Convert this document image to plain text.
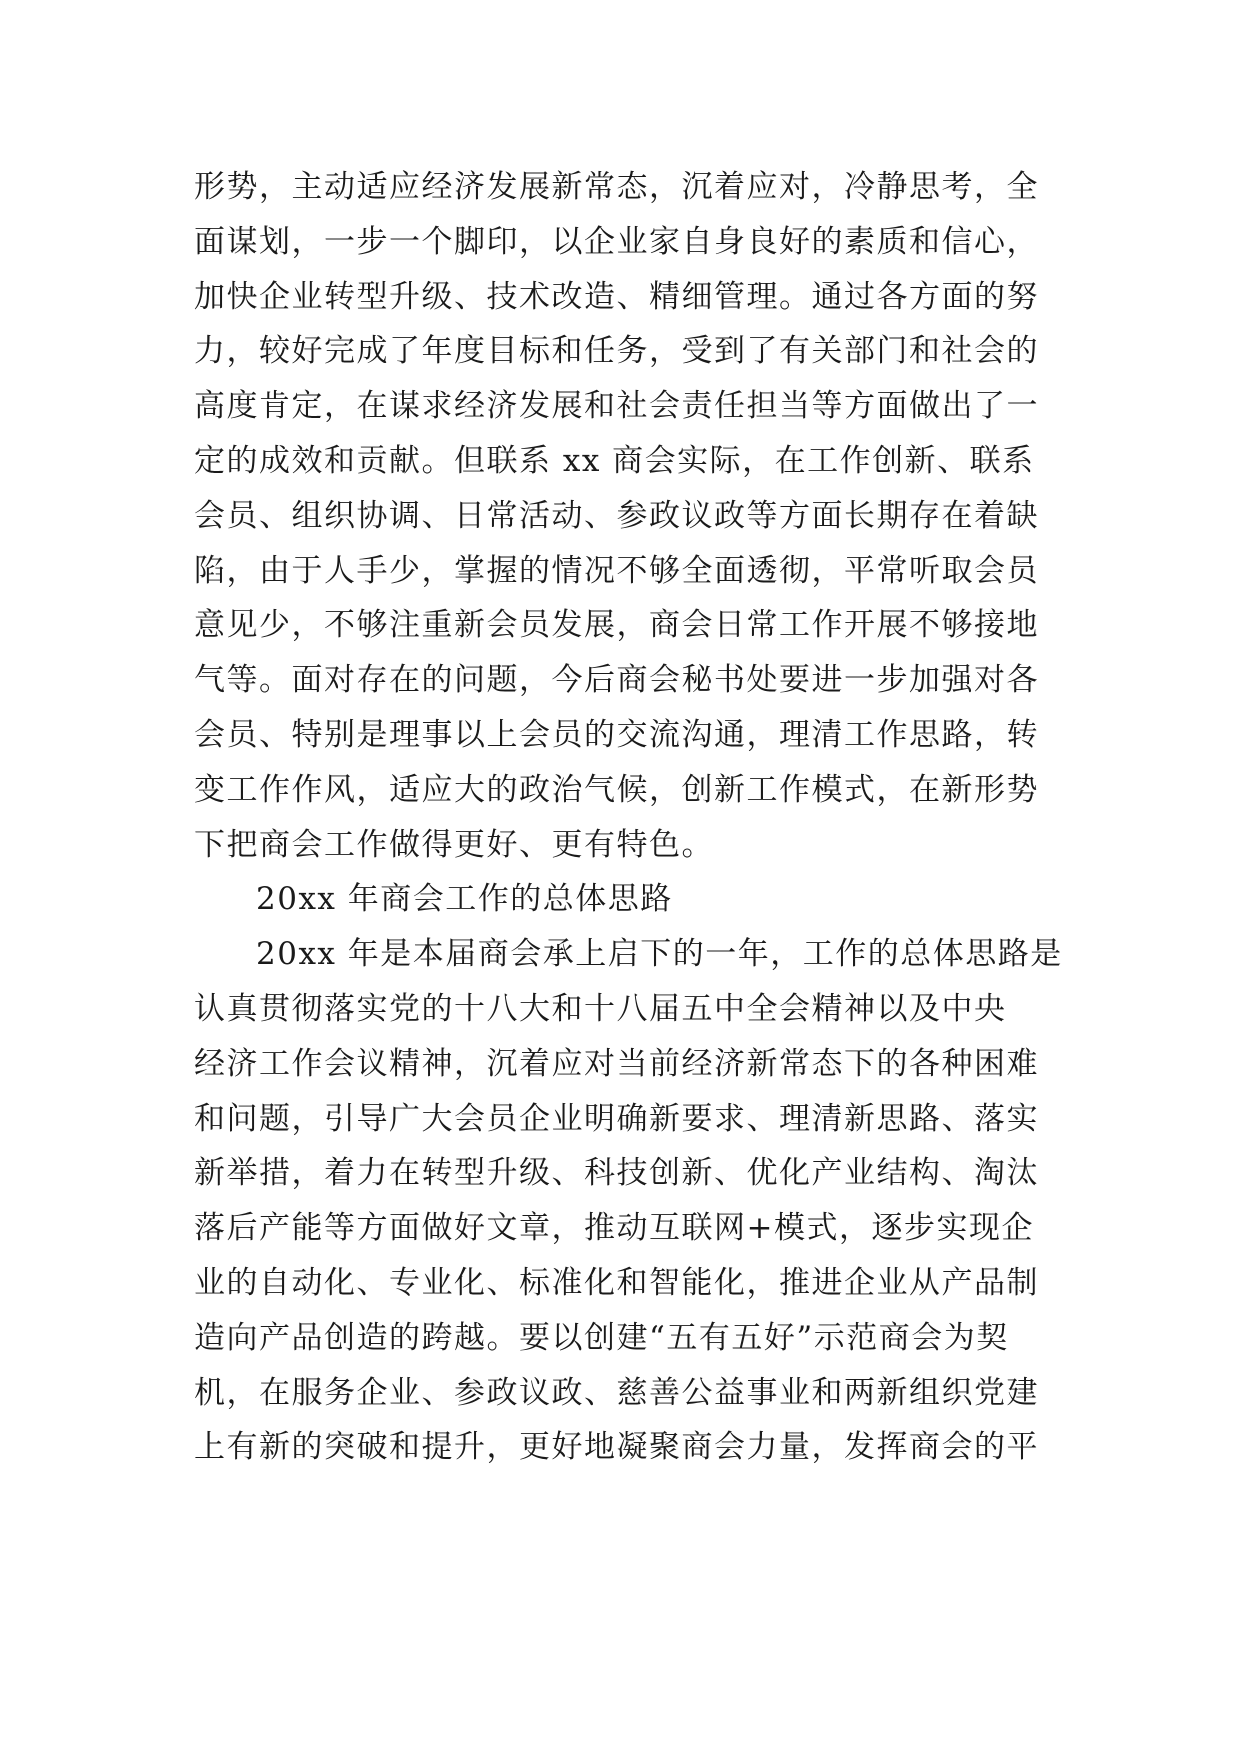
形势，主动适应经济发展新常态，沉着应对，冷静思考，全
面谋划，一步一个脚印，以企业家自身良好的素质和信心，
加快企业转型升级、技术改造、精细管理。通过各方面的努
力，较好完成了年度目标和任务，受到了有关部门和社会的
高度肯定，在谋求经济发展和社会责任担当等方面做出了一
定的成效和贡献。但联系 xx 商会实际，在工作创新、联系
会员、组织协调、日常活动、参政议政等方面长期存在着缺
陷，由于人手少，掌握的情况不够全面透彻，平常听取会员
意见少，不够注重新会员发展，商会日常工作开展不够接地
气等。面对存在的问题，今后商会秘书处要进一步加强对各
会员、特别是理事以上会员的交流沟通，理清工作思路，转
变工作作风，适应大的政治气候，创新工作模式，在新形势
下把商会工作做得更好、更有特色。
20xx 年商会工作的总体思路
20xx 年是本届商会承上启下的一年，工作的总体思路是
认真贯彻落实党的十八大和十八届五中全会精神以及中央
经济工作会议精神，沉着应对当前经济新常态下的各种困难
和问题，引导广大会员企业明确新要求、理清新思路、落实
新举措，着力在转型升级、科技创新、优化产业结构、淘汰
落后产能等方面做好文章，推动互联网+模式，逐步实现企
业的自动化、专业化、标准化和智能化，推进企业从产品制
造向产品创造的跨越。要以创建“五有五好”示范商会为契
机，在服务企业、参政议政、慈善公益事业和两新组织党建
上有新的突破和提升，更好地凝聚商会力量，发挥商会的平
